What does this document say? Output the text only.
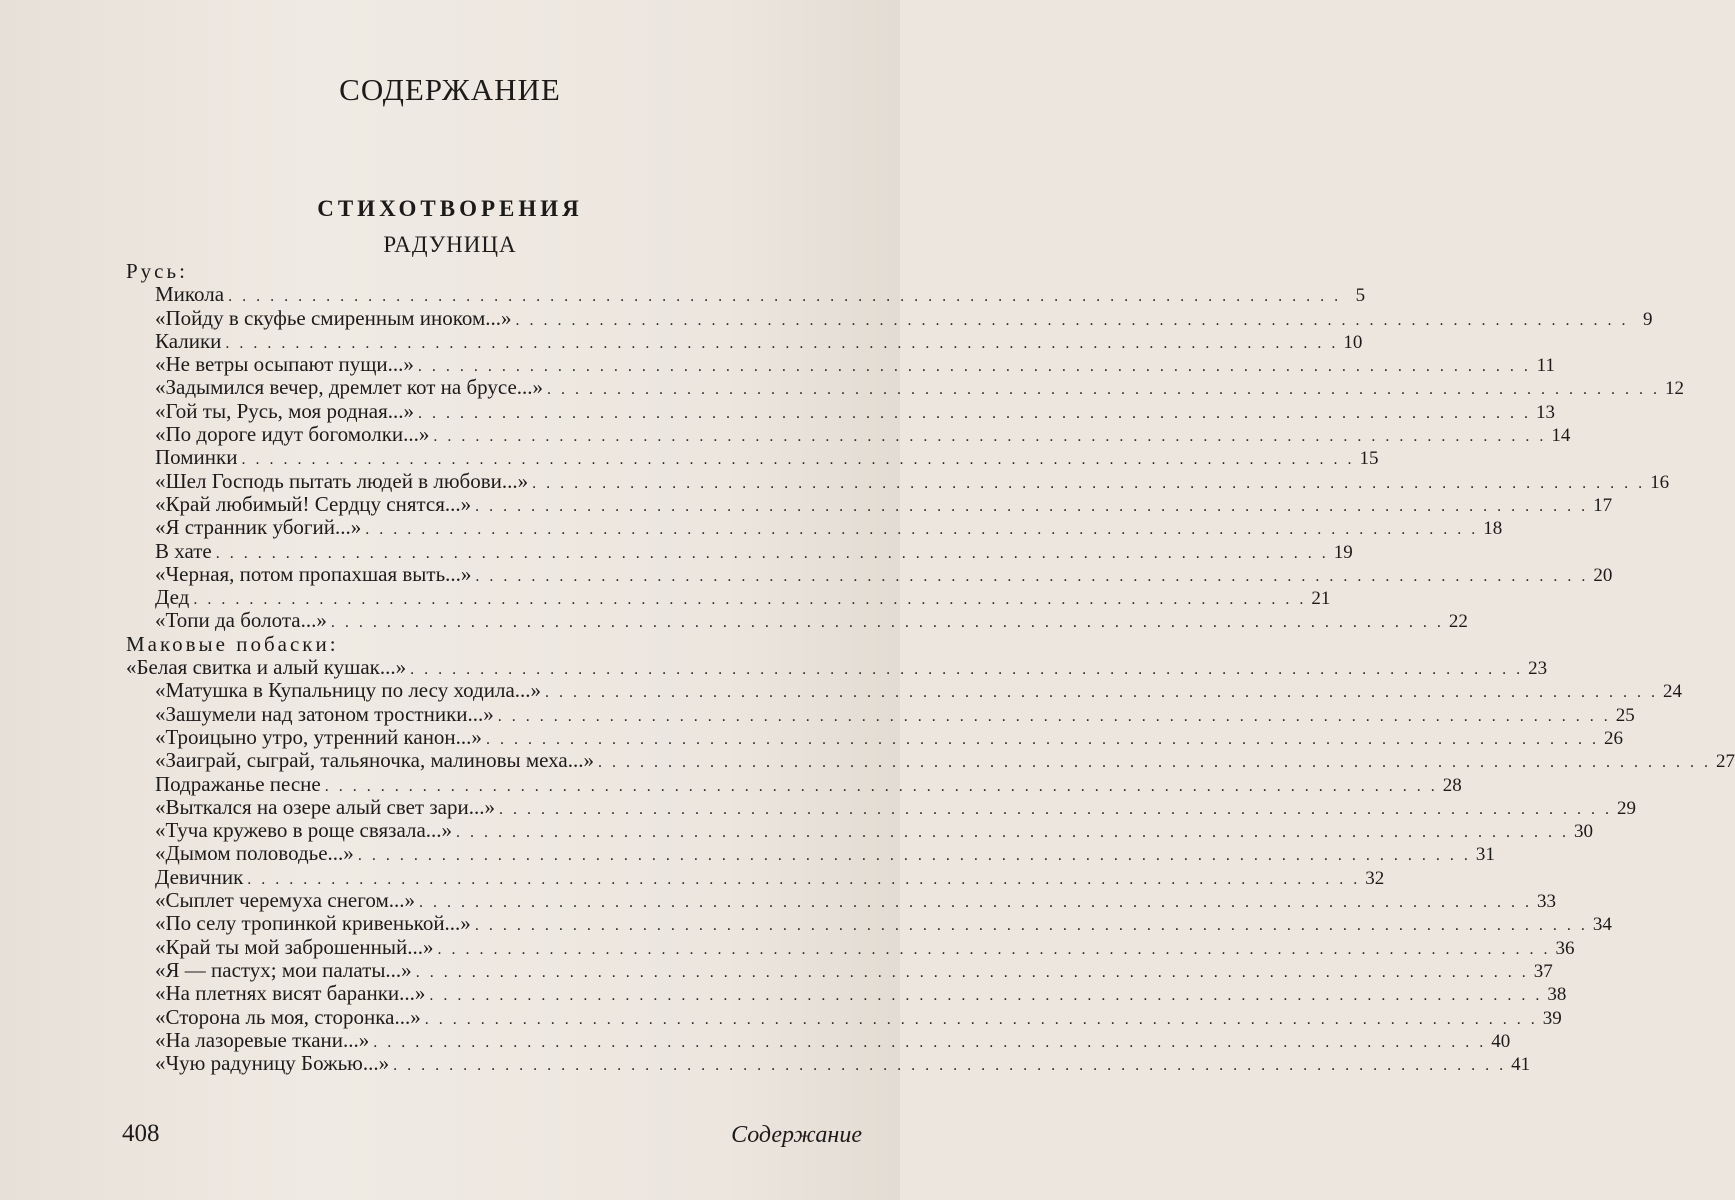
СОДЕРЖАНИЕ
СТИХОТВОРЕНИЯ
РАДУНИЦА
Русь:
Микола . . . . . . . . . . . . . . . . . . . . . . . . . . . . . . . . . . . . . . . . . . . . . . . . . . . . . . . . . . . . . . . . . . . . . . . . . . . . . . . . 5
«Пойду в скуфье смиренным иноком...» . . . . . . . . . . . . . . . . . . . . . . . . . . . . . . . . . . . . . . . . . . . . . . . . . . . . . . . . . . . . . . . . . . . . . . . . . . . . . . . . 9
Калики . . . . . . . . . . . . . . . . . . . . . . . . . . . . . . . . . . . . . . . . . . . . . . . . . . . . . . . . . . . . . . . . . . . . . . . . . . . . . . . . 10
«Не ветры осыпают пущи...» . . . . . . . . . . . . . . . . . . . . . . . . . . . . . . . . . . . . . . . . . . . . . . . . . . . . . . . . . . . . . . . . . . . . . . . . . . . . . . . . 11
«Задымился вечер, дремлет кот на брусе...» . . . . . . . . . . . . . . . . . . . . . . . . . . . . . . . . . . . . . . . . . . . . . . . . . . . . . . . . . . . . . . . . . . . . . . . . . . . . . . . . 12
«Гой ты, Русь, моя родная...» . . . . . . . . . . . . . . . . . . . . . . . . . . . . . . . . . . . . . . . . . . . . . . . . . . . . . . . . . . . . . . . . . . . . . . . . . . . . . . . . 13
«По дороге идут богомолки...» . . . . . . . . . . . . . . . . . . . . . . . . . . . . . . . . . . . . . . . . . . . . . . . . . . . . . . . . . . . . . . . . . . . . . . . . . . . . . . . . 14
Поминки . . . . . . . . . . . . . . . . . . . . . . . . . . . . . . . . . . . . . . . . . . . . . . . . . . . . . . . . . . . . . . . . . . . . . . . . . . . . . . . . 15
«Шел Господь пытать людей в любови...» . . . . . . . . . . . . . . . . . . . . . . . . . . . . . . . . . . . . . . . . . . . . . . . . . . . . . . . . . . . . . . . . . . . . . . . . . . . . . . . . 16
«Край любимый! Сердцу снятся...» . . . . . . . . . . . . . . . . . . . . . . . . . . . . . . . . . . . . . . . . . . . . . . . . . . . . . . . . . . . . . . . . . . . . . . . . . . . . . . . . 17
«Я странник убогий...» . . . . . . . . . . . . . . . . . . . . . . . . . . . . . . . . . . . . . . . . . . . . . . . . . . . . . . . . . . . . . . . . . . . . . . . . . . . . . . . . 18
В хате . . . . . . . . . . . . . . . . . . . . . . . . . . . . . . . . . . . . . . . . . . . . . . . . . . . . . . . . . . . . . . . . . . . . . . . . . . . . . . . . 19
«Черная, потом пропахшая выть...» . . . . . . . . . . . . . . . . . . . . . . . . . . . . . . . . . . . . . . . . . . . . . . . . . . . . . . . . . . . . . . . . . . . . . . . . . . . . . . . . 20
Дед . . . . . . . . . . . . . . . . . . . . . . . . . . . . . . . . . . . . . . . . . . . . . . . . . . . . . . . . . . . . . . . . . . . . . . . . . . . . . . . . 21
«Топи да болота...» . . . . . . . . . . . . . . . . . . . . . . . . . . . . . . . . . . . . . . . . . . . . . . . . . . . . . . . . . . . . . . . . . . . . . . . . . . . . . . . . 22
Маковые побаски:
«Белая свитка и алый кушак...» . . . . . . . . . . . . . . . . . . . . . . . . . . . . . . . . . . . . . . . . . . . . . . . . . . . . . . . . . . . . . . . . . . . . . . . . . . . . . . . . 23
«Матушка в Купальницу по лесу ходила...» . . . . . . . . . . . . . . . . . . . . . . . . . . . . . . . . . . . . . . . . . . . . . . . . . . . . . . . . . . . . . . . . . . . . . . . . . . . . . . . . 24
«Зашумели над затоном тростники...» . . . . . . . . . . . . . . . . . . . . . . . . . . . . . . . . . . . . . . . . . . . . . . . . . . . . . . . . . . . . . . . . . . . . . . . . . . . . . . . . 25
«Троицыно утро, утренний канон...» . . . . . . . . . . . . . . . . . . . . . . . . . . . . . . . . . . . . . . . . . . . . . . . . . . . . . . . . . . . . . . . . . . . . . . . . . . . . . . . . 26
«Заиграй, сыграй, тальяночка, малиновы меха...» . . . . . . . . . . . . . . . . . . . . . . . . . . . . . . . . . . . . . . . . . . . . . . . . . . . . . . . . . . . . . . . . . . . . . . . . . . . . . . . . 27
Подражанье песне . . . . . . . . . . . . . . . . . . . . . . . . . . . . . . . . . . . . . . . . . . . . . . . . . . . . . . . . . . . . . . . . . . . . . . . . . . . . . . . . 28
«Выткался на озере алый свет зари...» . . . . . . . . . . . . . . . . . . . . . . . . . . . . . . . . . . . . . . . . . . . . . . . . . . . . . . . . . . . . . . . . . . . . . . . . . . . . . . . . 29
«Туча кружево в роще связала...» . . . . . . . . . . . . . . . . . . . . . . . . . . . . . . . . . . . . . . . . . . . . . . . . . . . . . . . . . . . . . . . . . . . . . . . . . . . . . . . . 30
«Дымом половодье...» . . . . . . . . . . . . . . . . . . . . . . . . . . . . . . . . . . . . . . . . . . . . . . . . . . . . . . . . . . . . . . . . . . . . . . . . . . . . . . . . 31
Девичник . . . . . . . . . . . . . . . . . . . . . . . . . . . . . . . . . . . . . . . . . . . . . . . . . . . . . . . . . . . . . . . . . . . . . . . . . . . . . . . . 32
«Сыплет черемуха снегом...» . . . . . . . . . . . . . . . . . . . . . . . . . . . . . . . . . . . . . . . . . . . . . . . . . . . . . . . . . . . . . . . . . . . . . . . . . . . . . . . . 33
«По селу тропинкой кривенькой...» . . . . . . . . . . . . . . . . . . . . . . . . . . . . . . . . . . . . . . . . . . . . . . . . . . . . . . . . . . . . . . . . . . . . . . . . . . . . . . . . 34
«Край ты мой заброшенный...» . . . . . . . . . . . . . . . . . . . . . . . . . . . . . . . . . . . . . . . . . . . . . . . . . . . . . . . . . . . . . . . . . . . . . . . . . . . . . . . . 36
«Я — пастух; мои палаты...» . . . . . . . . . . . . . . . . . . . . . . . . . . . . . . . . . . . . . . . . . . . . . . . . . . . . . . . . . . . . . . . . . . . . . . . . . . . . . . . . 37
«На плетнях висят баранки...» . . . . . . . . . . . . . . . . . . . . . . . . . . . . . . . . . . . . . . . . . . . . . . . . . . . . . . . . . . . . . . . . . . . . . . . . . . . . . . . . 38
«Сторона ль моя, сторонка...» . . . . . . . . . . . . . . . . . . . . . . . . . . . . . . . . . . . . . . . . . . . . . . . . . . . . . . . . . . . . . . . . . . . . . . . . . . . . . . . . 39
«На лазоревые ткани...» . . . . . . . . . . . . . . . . . . . . . . . . . . . . . . . . . . . . . . . . . . . . . . . . . . . . . . . . . . . . . . . . . . . . . . . . . . . . . . . . 40
«Чую радуницу Божью...» . . . . . . . . . . . . . . . . . . . . . . . . . . . . . . . . . . . . . . . . . . . . . . . . . . . . . . . . . . . . . . . . . . . . . . . . . . . . . . . . 41
408	Содержание
